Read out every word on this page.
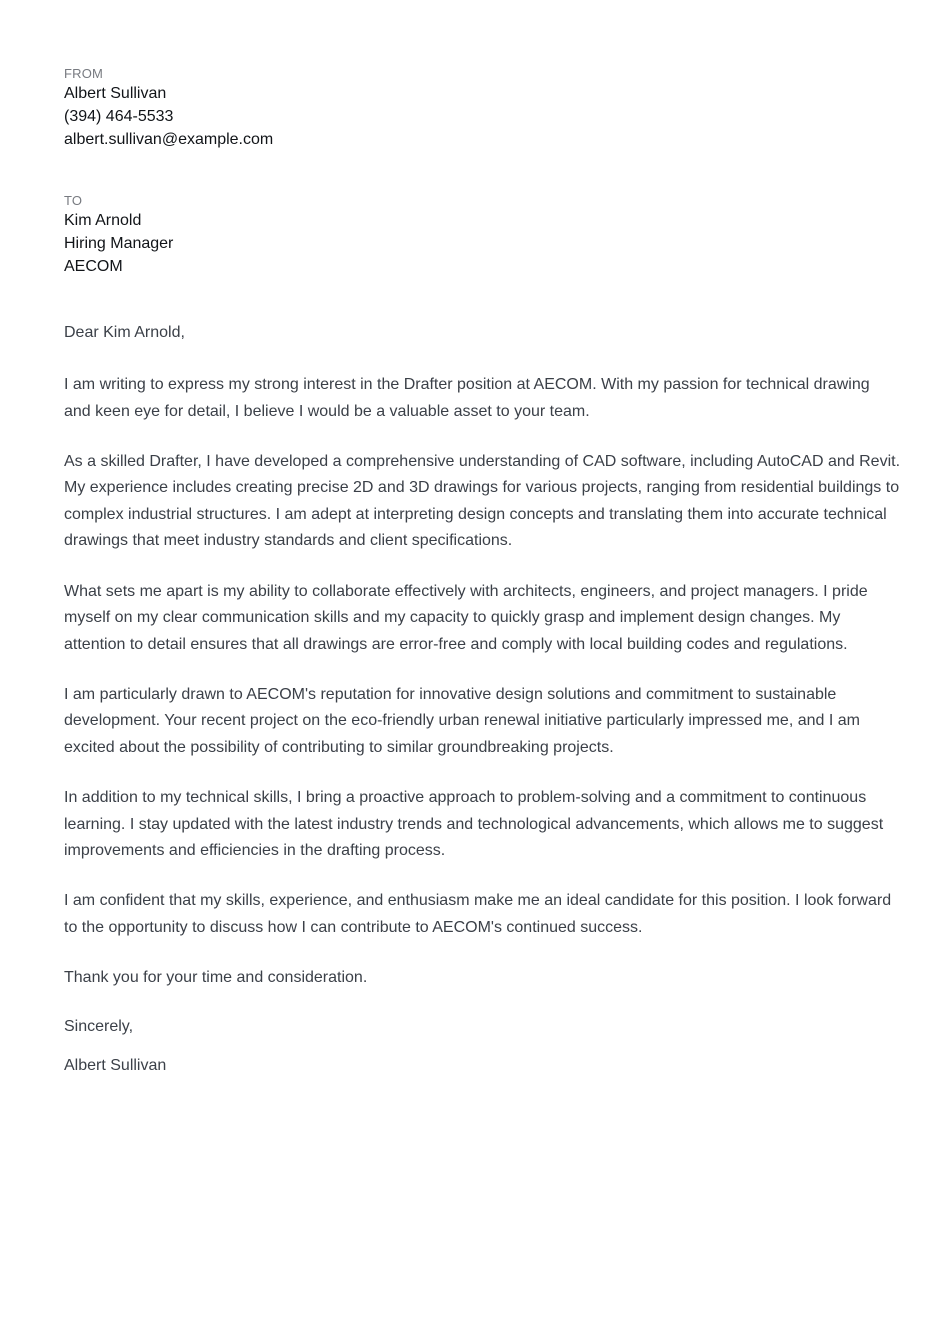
FROM
Albert Sullivan
(394) 464-5533
albert.sullivan@example.com
TO
Kim Arnold
Hiring Manager
AECOM

Dear Kim Arnold,

I am writing to express my strong interest in the Drafter position at AECOM. With my passion for technical drawing and keen eye for detail, I believe I would be a valuable asset to your team.

As a skilled Drafter, I have developed a comprehensive understanding of CAD software, including AutoCAD and Revit. My experience includes creating precise 2D and 3D drawings for various projects, ranging from residential buildings to complex industrial structures. I am adept at interpreting design concepts and translating them into accurate technical drawings that meet industry standards and client specifications.

What sets me apart is my ability to collaborate effectively with architects, engineers, and project managers. I pride myself on my clear communication skills and my capacity to quickly grasp and implement design changes. My attention to detail ensures that all drawings are error-free and comply with local building codes and regulations.

I am particularly drawn to AECOM's reputation for innovative design solutions and commitment to sustainable development. Your recent project on the eco-friendly urban renewal initiative particularly impressed me, and I am excited about the possibility of contributing to similar groundbreaking projects.

In addition to my technical skills, I bring a proactive approach to problem-solving and a commitment to continuous learning. I stay updated with the latest industry trends and technological advancements, which allows me to suggest improvements and efficiencies in the drafting process.

I am confident that my skills, experience, and enthusiasm make me an ideal candidate for this position. I look forward to the opportunity to discuss how I can contribute to AECOM's continued success.

Thank you for your time and consideration.

Sincerely,

Albert Sullivan
